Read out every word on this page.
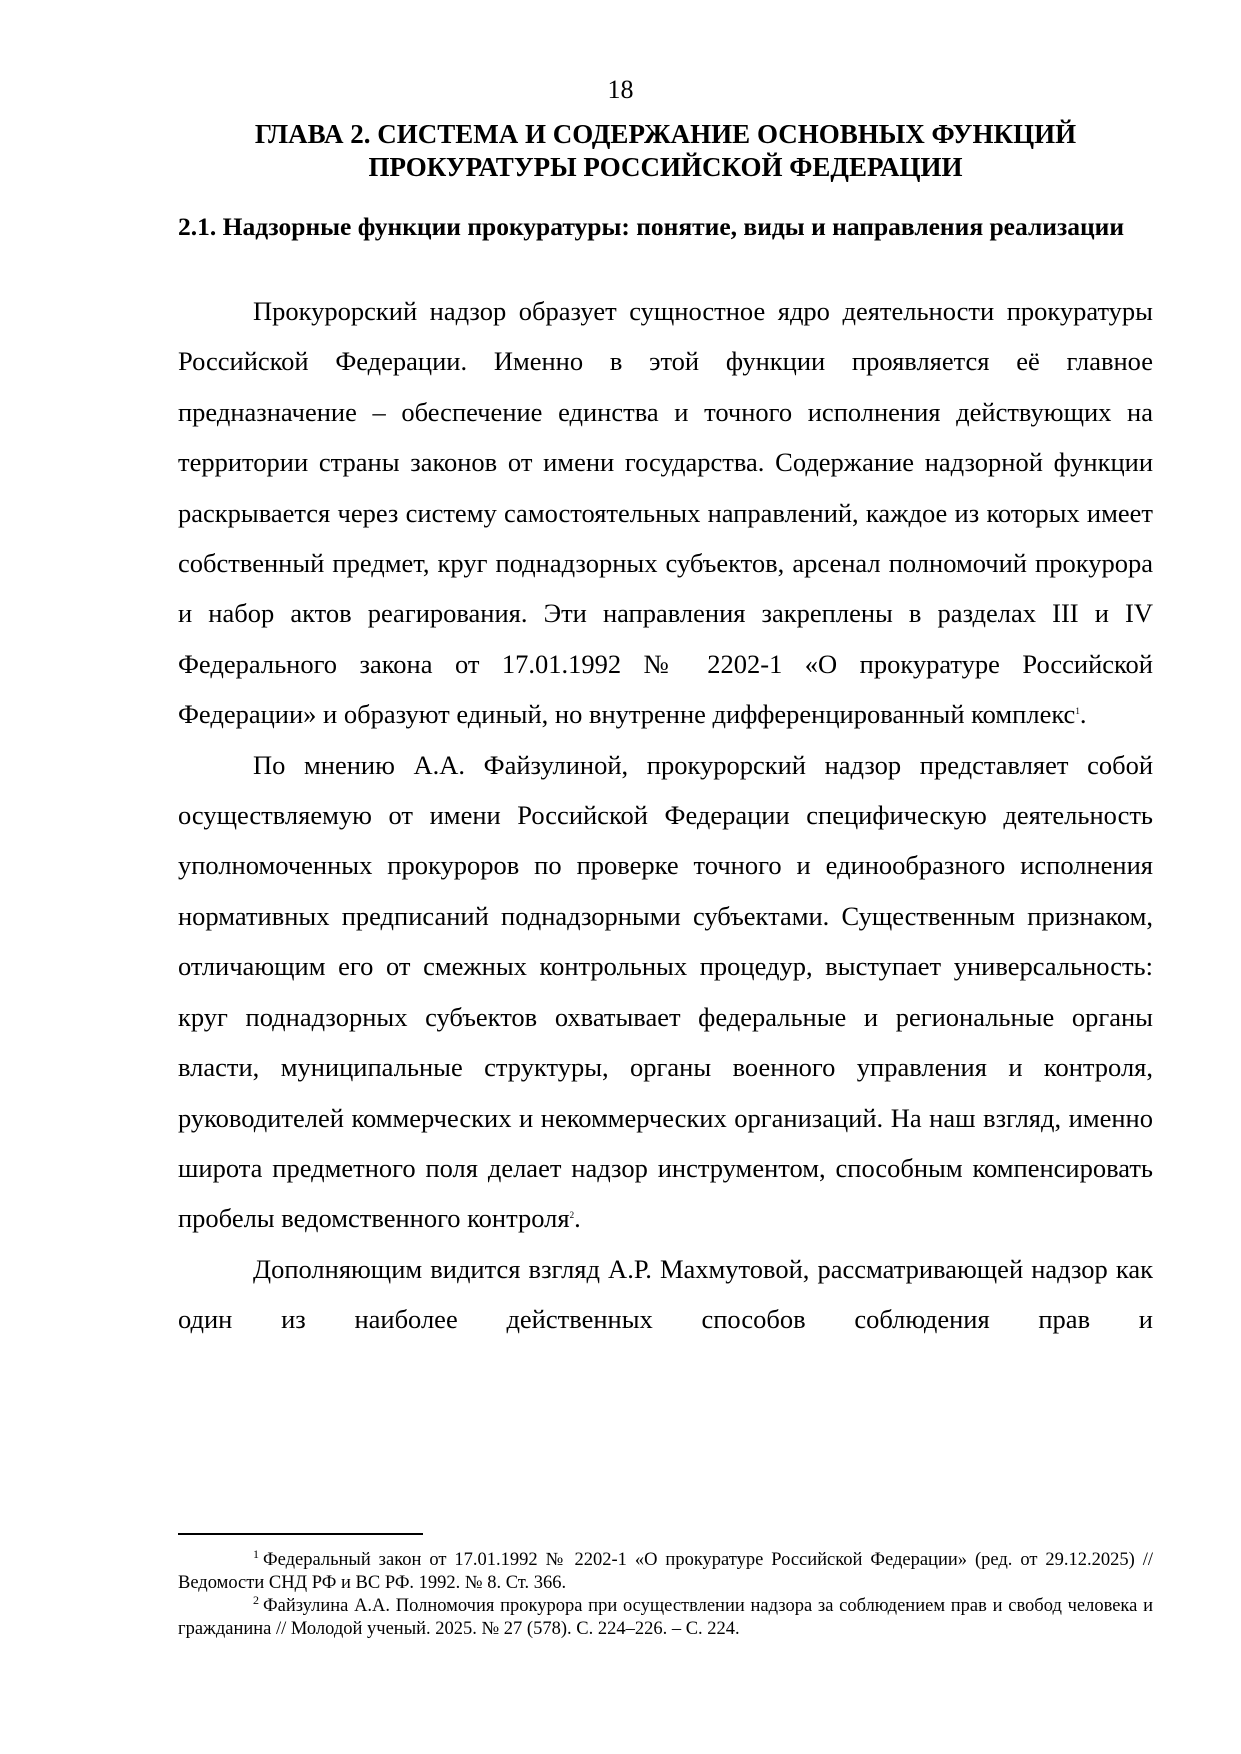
18
ГЛАВА 2. СИСТЕМА И СОДЕРЖАНИЕ ОСНОВНЫХ ФУНКЦИЙ
ПРОКУРАТУРЫ РОССИЙСКОЙ ФЕДЕРАЦИИ
2.1. Надзорные функции прокуратуры: понятие, виды и направления реализации

Прокурорский надзор образует сущностное ядро деятельности прокуратуры Российской Федерации. Именно в этой функции проявляется её главное предназначение – обеспечение единства и точного исполнения действующих на территории страны законов от имени государства. Содержание надзорной функции раскрывается через систему самостоятельных направлений, каждое из которых имеет собственный предмет, круг поднадзорных субъектов, арсенал полномочий прокурора и набор актов реагирования. Эти направления закреплены в разделах III и IV Федерального закона от 17.01.1992 № 2202-1 «О прокуратуре Российской Федерации» и образуют единый, но внутренне дифференцированный комплекс$^1$.

По мнению А.А. Файзулиной, прокурорский надзор представляет собой осуществляемую от имени Российской Федерации специфическую деятельность уполномоченных прокуроров по проверке точного и единообразного исполнения нормативных предписаний поднадзорными субъектами. Существенным признаком, отличающим его от смежных контрольных процедур, выступает универсальность: круг поднадзорных субъектов охватывает федеральные и региональные органы власти, муниципальные структуры, органы военного управления и контроля, руководителей коммерческих и некоммерческих организаций. На наш взгляд, именно широта предметного поля делает надзор инструментом, способным компенсировать пробелы ведомственного контроля$^2$.

Дополняющим видится взгляд А.Р. Махмутовой, рассматривающей надзор как один из наиболее действенных способов соблюдения прав и

$^1$ Федеральный закон от 17.01.1992 № 2202-1 «О прокуратуре Российской Федерации» (ред. от 29.12.2025) // Ведомости СНД РФ и ВС РФ. 1992. № 8. Ст. 366.

$^2$ Файзулина А.А. Полномочия прокурора при осуществлении надзора за соблюдением прав и свобод человека и гражданина // Молодой ученый. 2025. № 27 (578). С. 224–226. – С. 224.
